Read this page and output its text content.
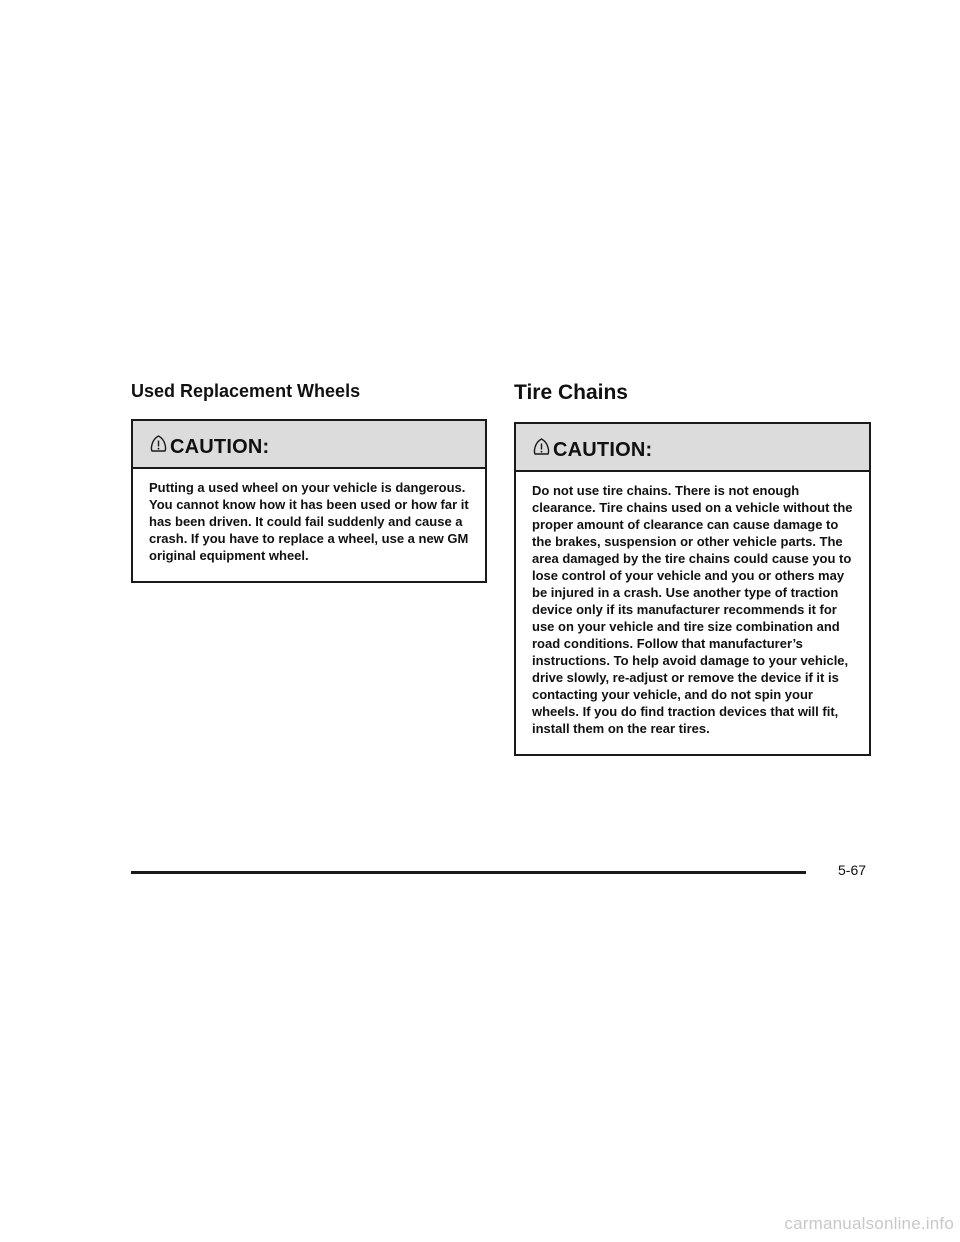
Used Replacement Wheels
CAUTION:

Putting a used wheel on your vehicle is dangerous. You cannot know how it has been used or how far it has been driven. It could fail suddenly and cause a crash. If you have to replace a wheel, use a new GM original equipment wheel.

Tire Chains
CAUTION:

Do not use tire chains. There is not enough clearance. Tire chains used on a vehicle without the proper amount of clearance can cause damage to the brakes, suspension or other vehicle parts. The area damaged by the tire chains could cause you to lose control of your vehicle and you or others may be injured in a crash. Use another type of traction device only if its manufacturer recommends it for use on your vehicle and tire size combination and road conditions. Follow that manufacturer’s instructions. To help avoid damage to your vehicle, drive slowly, re-adjust or remove the device if it is contacting your vehicle, and do not spin your wheels. If you do find traction devices that will fit, install them on the rear tires.

5-67
carmanualsonline.info
